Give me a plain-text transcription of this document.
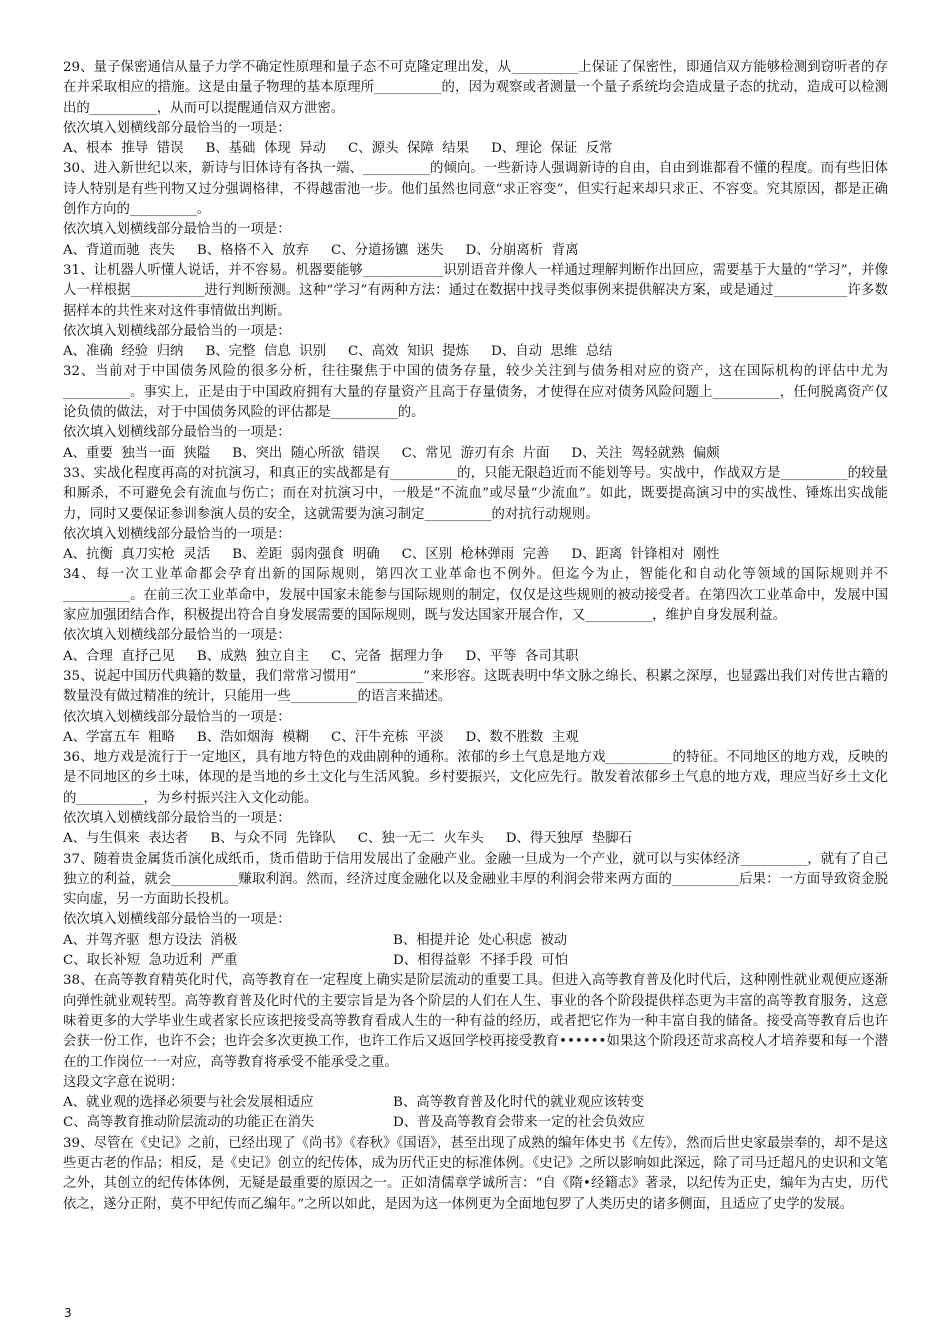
29、量子保密通信从量子力学不确定性原理和量子态不可克隆定理出发，从__________上保证了保密性，即通信双方能够检测到窃听者的存在并采取相应的措施。这是由量子物理的基本原理所__________的，因为观察或者测量一个量子系统均会造成量子态的扰动，造成可以检测出的__________，从而可以提醒通信双方泄密。

依次填入划横线部分最恰当的一项是：

A、根本  推导  错误 B、基础  体现  异动 C、源头  保障  结果 D、理论  保证  反常

30、进入新世纪以来，新诗与旧体诗有各执一端、__________的倾向。一些新诗人强调新诗的自由，自由到谁都看不懂的程度。而有些旧体诗人特别是有些刊物又过分强调格律，不得越雷池一步。他们虽然也同意“求正容变”，但实行起来却只求正、不容变。究其原因，都是正确创作方向的__________。

依次填入划横线部分最恰当的一项是：

A、背道而驰  丧失 B、格格不入  放弃 C、分道扬镳  迷失 D、分崩离析  背离

31、让机器人听懂人说话，并不容易。机器要能够____________识别语音并像人一样通过理解判断作出回应，需要基于大量的“学习”，并像人一样根据___________进行判断预测。这种“学习”有两种方法：通过在数据中找寻类似事例来提供解决方案，或是通过___________许多数据样本的共性来对这件事情做出判断。

依次填入划横线部分最恰当的一项是：

A、准确  经验  归纳 B、完整  信息  识别 C、高效  知识  提炼 D、自动  思维  总结

32、当前对于中国债务风险的很多分析，往往聚焦于中国的债务存量，较少关注到与债务相对应的资产，这在国际机构的评估中尤为__________。事实上，正是由于中国政府拥有大量的存量资产且高于存量债务，才使得在应对债务风险问题上__________，任何脱离资产仅论负债的做法，对于中国债务风险的评估都是__________的。

依次填入划横线部分最恰当的一项是：

A、重要  独当一面  狭隘 B、突出  随心所欲  错误 C、常见  游刃有余  片面 D、关注  驾轻就熟  偏颇

33、实战化程度再高的对抗演习，和真正的实战都是有__________的，只能无限趋近而不能划等号。实战中，作战双方是__________的较量和厮杀，不可避免会有流血与伤亡；而在对抗演习中，一般是“不流血”或尽量“少流血”。如此，既要提高演习中的实战性、锤炼出实战能力，同时又要保证参训参演人员的安全，这就需要为演习制定__________的对抗行动规则。

依次填入划横线部分最恰当的一项是：

A、抗衡  真刀实枪  灵活 B、差距  弱肉强食  明确 C、区别  枪林弹雨  完善 D、距离  针锋相对  刚性

34、每一次工业革命都会孕育出新的国际规则，第四次工业革命也不例外。但迄今为止，智能化和自动化等领域的国际规则并不__________。在前三次工业革命中，发展中国家未能参与国际规则的制定，仅仅是这些规则的被动接受者。在第四次工业革命中，发展中国家应加强团结合作，积极提出符合自身发展需要的国际规则，既与发达国家开展合作，又__________，维护自身发展利益。

依次填入划横线部分最恰当的一项是：

A、合理  直抒己见 B、成熟  独立自主 C、完备  据理力争 D、平等  各司其职

35、说起中国历代典籍的数量，我们常常习惯用“__________”来形容。这既表明中华文脉之绵长、积累之深厚，也显露出我们对传世古籍的数量没有做过精准的统计，只能用一些__________的语言来描述。

依次填入划横线部分最恰当的一项是：

A、学富五车  粗略 B、浩如烟海  模糊 C、汗牛充栋  平淡 D、数不胜数  主观

36、地方戏是流行于一定地区，具有地方特色的戏曲剧种的通称。浓郁的乡土气息是地方戏__________的特征。不同地区的地方戏，反映的是不同地区的乡土味，体现的是当地的乡土文化与生活风貌。乡村要振兴，文化应先行。散发着浓郁乡土气息的地方戏，理应当好乡土文化的__________，为乡村振兴注入文化动能。

依次填入划横线部分最恰当的一项是：

A、与生俱来  表达者 B、与众不同  先锋队 C、独一无二  火车头 D、得天独厚  垫脚石

37、随着贵金属货币演化成纸币，货币借助于信用发展出了金融产业。金融一旦成为一个产业，就可以与实体经济__________，就有了自己独立的利益，就会__________赚取利润。然而，经济过度金融化以及金融业丰厚的利润会带来两方面的__________后果：一方面导致资金脱实向虚，另一方面助长投机。

依次填入划横线部分最恰当的一项是：

A、并驾齐驱  想方设法  消极	B、相提并论  处心积虑  被动
C、取长补短  急功近利  严重	D、相得益彰  不择手段  可怕

38、在高等教育精英化时代，高等教育在一定程度上确实是阶层流动的重要工具。但进入高等教育普及化时代后，这种刚性就业观便应逐渐向弹性就业观转型。高等教育普及化时代的主要宗旨是为各个阶层的人们在人生、事业的各个阶段提供样态更为丰富的高等教育服务，这意味着更多的大学毕业生或者家长应该把接受高等教育看成人生的一种有益的经历，或者把它作为一种丰富自我的储备。接受高等教育后也许会获一份工作，也许不会；也许会多次更换工作，也许工作后又返回学校再接受教育••••••如果这个阶段还苛求高校人才培养要和每一个潜在的工作岗位一一对应，高等教育将承受不能承受之重。

这段文字意在说明：

A、就业观的选择必须要与社会发展相适应	B、高等教育普及化时代的就业观应该转变
C、高等教育推动阶层流动的功能正在消失	D、普及高等教育会带来一定的社会负效应

39、尽管在《史记》之前，已经出现了《尚书》《春秋》《国语》，甚至出现了成熟的编年体史书《左传》，然而后世史家最崇奉的，却不是这些更古老的作品；相反，是《史记》创立的纪传体，成为历代正史的标准体例。《史记》之所以影响如此深远，除了司马迁超凡的史识和文笔之外，其创立的纪传体体例，无疑是最重要的原因之一。正如清儒章学诚所言：“自《隋•经籍志》著录，以纪传为正史，编年为古史，历代依之，遂分正附，莫不甲纪传而乙编年。”之所以如此，是因为这一体例更为全面地包罗了人类历史的诸多侧面，且适应了史学的发展。

3
